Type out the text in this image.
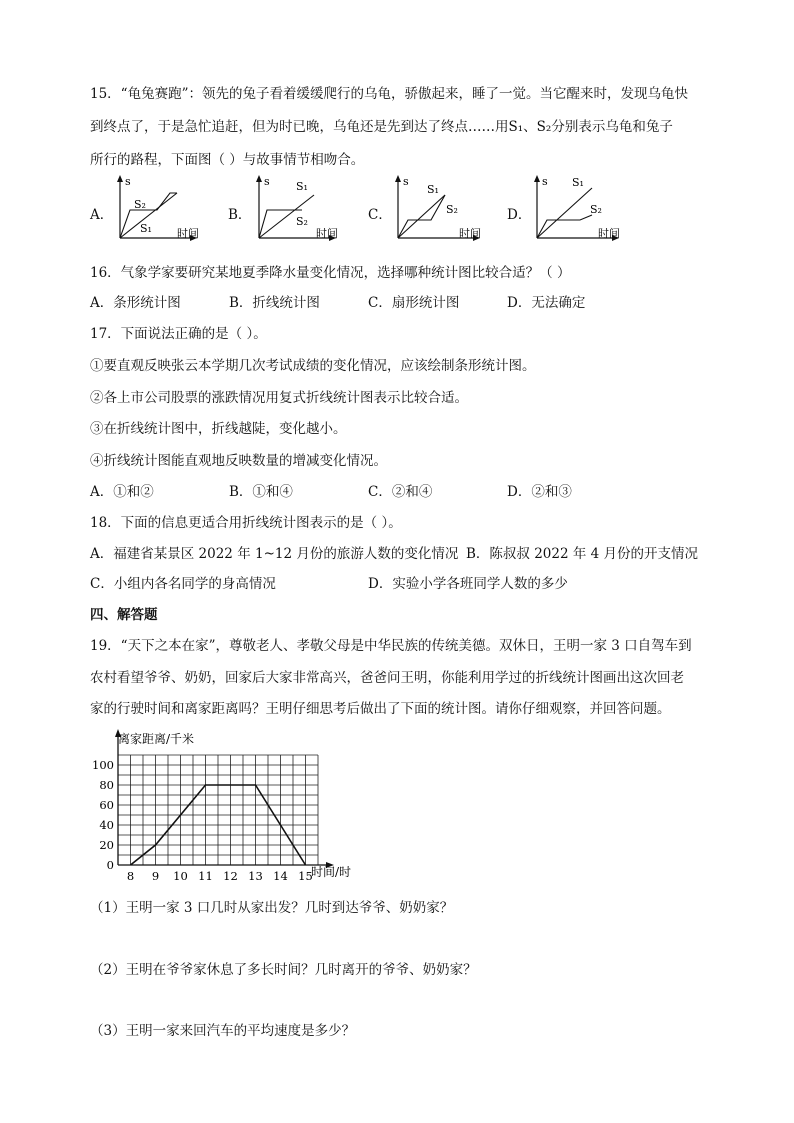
15．“龟兔赛跑”：领先的兔子看着缓缓爬行的乌龟，骄傲起来，睡了一觉。当它醒来时，发现乌龟快
到终点了，于是急忙追赶，但为时已晚，乌龟还是先到达了终点……用S₁、S₂分别表示乌龟和兔子
所行的路程，下面图（ ）与故事情节相吻合。
A．
s
S₂
S₁ 时间
B．
s S₁
S₂
时间
C．
s
S₁
S₂
时间
D．
s S₁
S₂
时间
16．气象学家要研究某地夏季降水量变化情况，选择哪种统计图比较合适？（ ）
A．条形统计图	B．折线统计图	C．扇形统计图	D．无法确定
17．下面说法正确的是（ ）。
①要直观反映张云本学期几次考试成绩的变化情况，应该绘制条形统计图。
②各上市公司股票的涨跌情况用复式折线统计图表示比较合适。
③在折线统计图中，折线越陡，变化越小。
④折线统计图能直观地反映数量的增减变化情况。
A．①和②	B．①和④	C．②和④	D．②和③
18．下面的信息更适合用折线统计图表示的是（ ）。
A．福建省某景区 2022 年 1~12 月份的旅游人数的变化情况 B．陈叔叔 2022 年 4 月份的开支情况
C．小组内各名同学的身高情况	D．实验小学各班同学人数的多少
四、解答题
19．“天下之本在家”，尊敬老人、孝敬父母是中华民族的传统美德。双休日，王明一家 3 口自驾车到
农村看望爷爷、奶奶，回家后大家非常高兴，爸爸问王明，你能利用学过的折线统计图画出这次回老
家的行驶时间和离家距离吗？王明仔细思考后做出了下面的统计图。请你仔细观察，并回答问题。
8 9 10 11 12 13 14 15
0
20
40
60
80
100
离家距离/千米
时间/时
（1）王明一家 3 口几时从家出发？几时到达爷爷、奶奶家？
（2）王明在爷爷家休息了多长时间？几时离开的爷爷、奶奶家？
（3）王明一家来回汽车的平均速度是多少？
